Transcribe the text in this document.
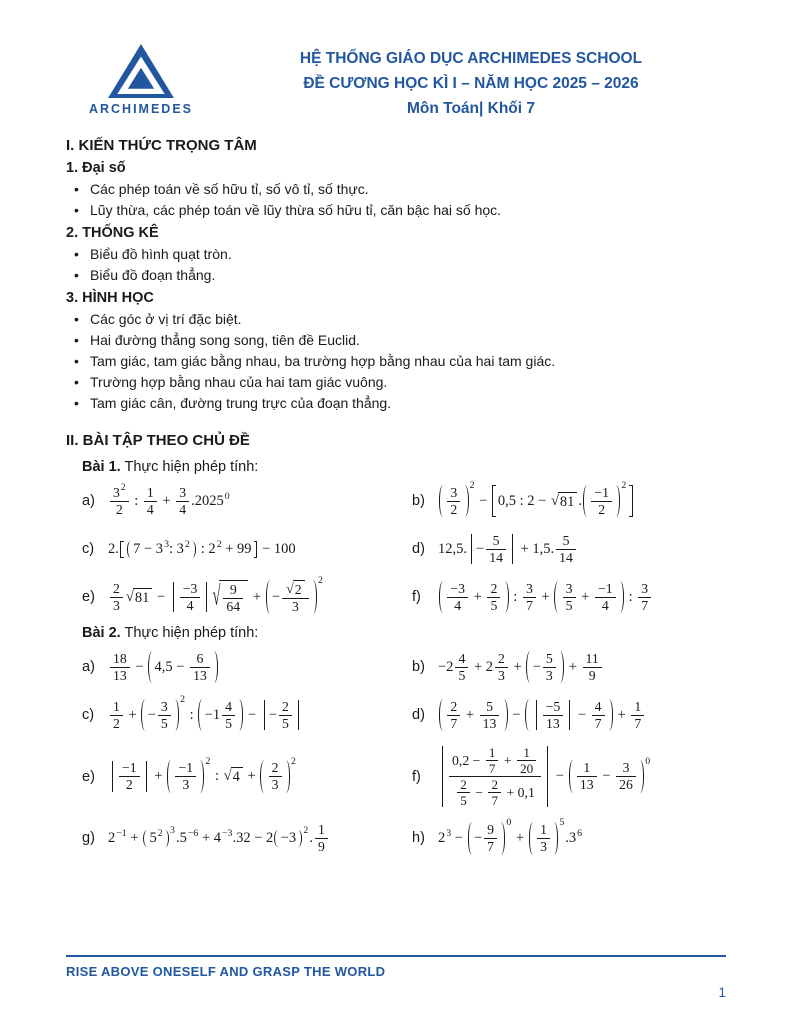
ARCHIMEDES
HỆ THỐNG GIÁO DỤC ARCHIMEDES SCHOOL
ĐỀ CƯƠNG HỌC KÌ I – NĂM HỌC 2025 – 2026
Môn Toán| Khối 7
I. KIẾN THỨC TRỌNG TÂM
1. Đại số
• Các phép toán về số hữu tỉ, số vô tỉ, số thực.
• Lũy thừa, các phép toán về lũy thừa số hữu tỉ, căn bậc hai số học.
2. THỐNG KÊ
• Biểu đồ hình quạt tròn.
• Biểu đồ đoạn thẳng.
3. HÌNH HỌC
• Các góc ở vị trí đặc biệt.
• Hai đường thẳng song song, tiên đề Euclid.
• Tam giác, tam giác bằng nhau, ba trường hợp bằng nhau của hai tam giác.
• Trường hợp bằng nhau của hai tam giác vuông.
• Tam giác cân, đường trung trực của đoạn thẳng.
II. BÀI TẬP THEO CHỦ ĐỀ

Bài 1. Thực hiện phép tính:

a)
3 $^2$
2
:
1
4
+ $\frac{3}{4} .2025$ $^0$	b)
3
2
$^2$
− 0,5 : 2 − √ 81 .
−1
2
$^2$
c) 2. 7 − 3 $^3$ : 3 $^2$ : 2 $^2$ + 99 − 100	d) 12,5. − $\frac{5}{14} + 1,5$.
5
14
e)
2
3
√ 81 −
−3
4 √ 9
64
+ − $\frac{√ 2}{3} ^2$
f)
−3
4
+ $\frac{2}{5}$ :
3
7
+
3
5
+ $\frac{-1}{4}$ :
3
7

Bài 2. Thực hiện phép tính:

a)
18
13
− $4,5 - \frac{6}{13}$	b) −2
4
5
+ 2
2
3
+ − $\frac{5}{3} + \frac{11}{9}$
c)
1
2
+ − $\frac{3}{5} ^2$
: −1
4
5
− − $\frac{2}{5}$	d)
2
7
+ $\frac{5}{13}$ −
−5
13
− $\frac{4}{7} + \frac{1}{7}$
e)
−1
2
+
−1
3
$^2$
: √ 4 +
2
3
$^2$
f)
$0,2 - \frac{1}{7} + \frac{1}{20}$
2
5
− $\frac{2}{7} + 0,1$
−
1
13
− $\frac{3}{26} ^0$
g) 2 $^{-1}$ + 5 $^2$ $^3$ .5 $^{-6}$ + 4 $^{-3}$ .32 − 2 −3 $^2$ .
1
9	h) 2 $^3$ − − $\frac{9}{7} ^0$
+
1
3
$^5$
.3 $^6$
RISE ABOVE ONESELF AND GRASP THE WORLD
1
